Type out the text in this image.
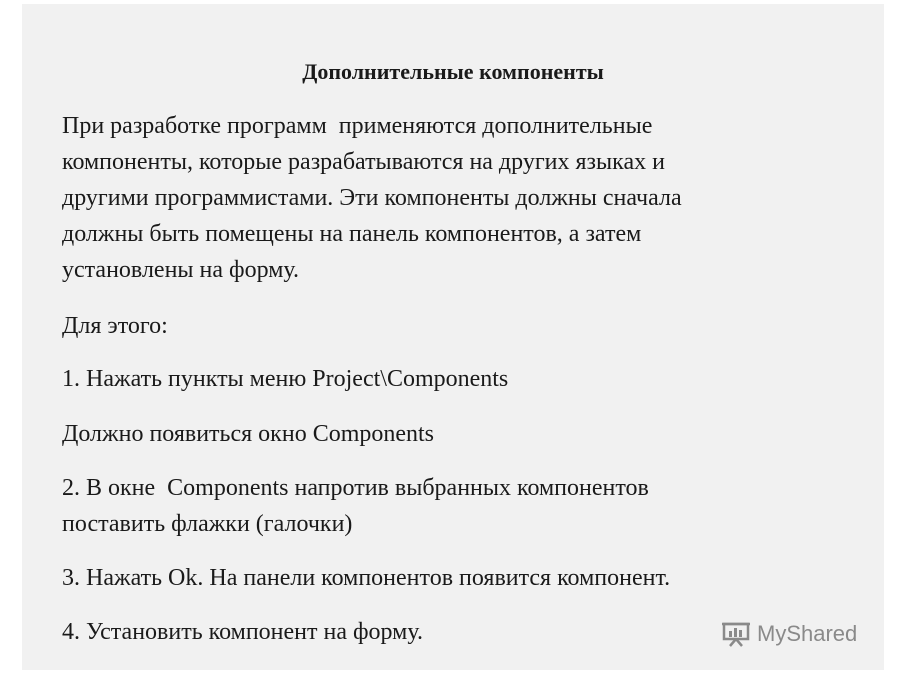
Дополнительные компоненты

При разработке программ  применяются дополнительные
компоненты, которые разрабатываются на других языках и
другими программистами. Эти компоненты должны сначала
должны быть помещены на панель компонентов, а затем
установлены на форму.

Для этого:

1. Нажать пункты меню Project\Components

Должно появиться окно Components

2. В окне  Components напротив выбранных компонентов
поставить флажки (галочки)

3. Нажать Ok. На панели компонентов появится компонент.

4. Установить компонент на форму.	MyShared
